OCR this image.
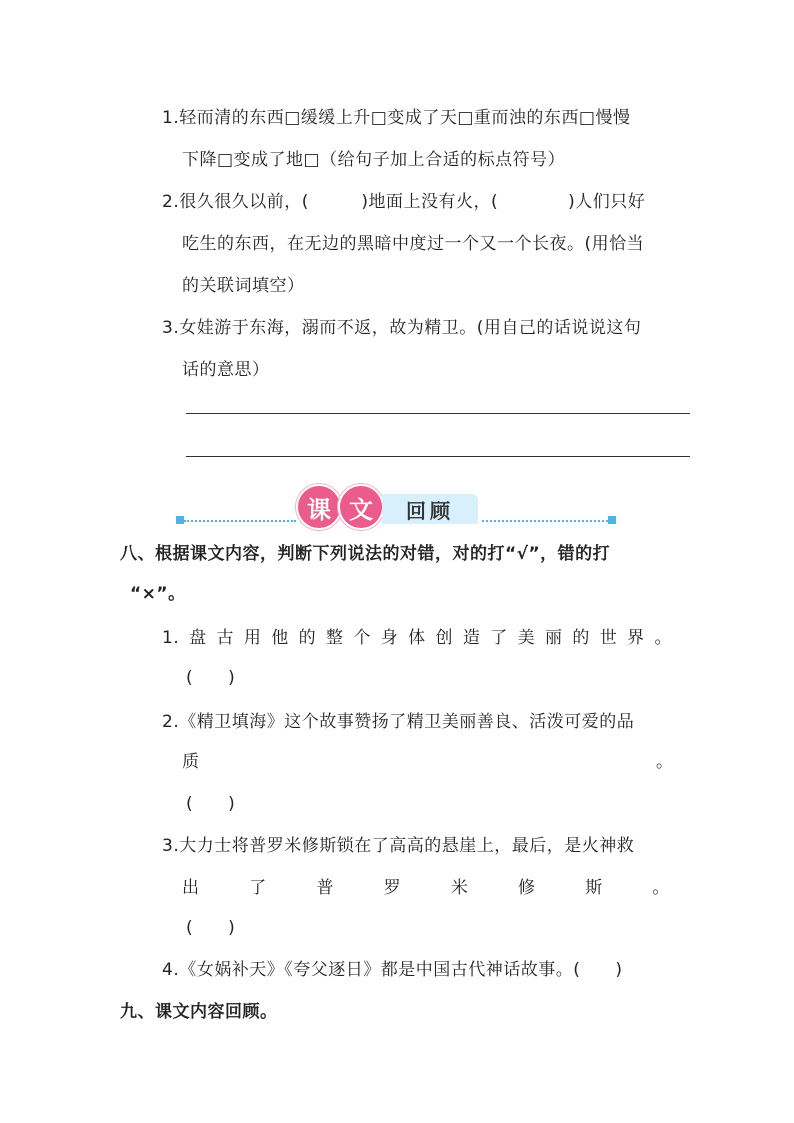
1.轻而清的东西□缓缓上升□变成了天□重而浊的东西□慢慢
下降□变成了地□（给句子加上合适的标点符号）
2.很久很久以前，(　　　)地面上没有火，(　　　　)人们只好
吃生的东西，在无边的黑暗中度过一个又一个长夜。(用恰当
的关联词填空）
3.女娃游于东海，溺而不返，故为精卫。(用自己的话说说这句
话的意思）
课 文	回顾
八、根据课文内容，判断下列说法的对错，对的打“√”，错的打
“×”。
1. 盘 古 用 他 的 整 个 身 体 创 造 了 美 丽 的 世 界 。
(　　)
2.《精卫填海》这个故事赞扬了精卫美丽善良、活泼可爱的品
质	。
(　　)
3.大力士将普罗米修斯锁在了高高的悬崖上，最后，是火神救
出	了	普	罗	米	修	斯	。
(　　)
4.《女娲补天》《夸父逐日》都是中国古代神话故事。(　　)
九、课文内容回顾。
